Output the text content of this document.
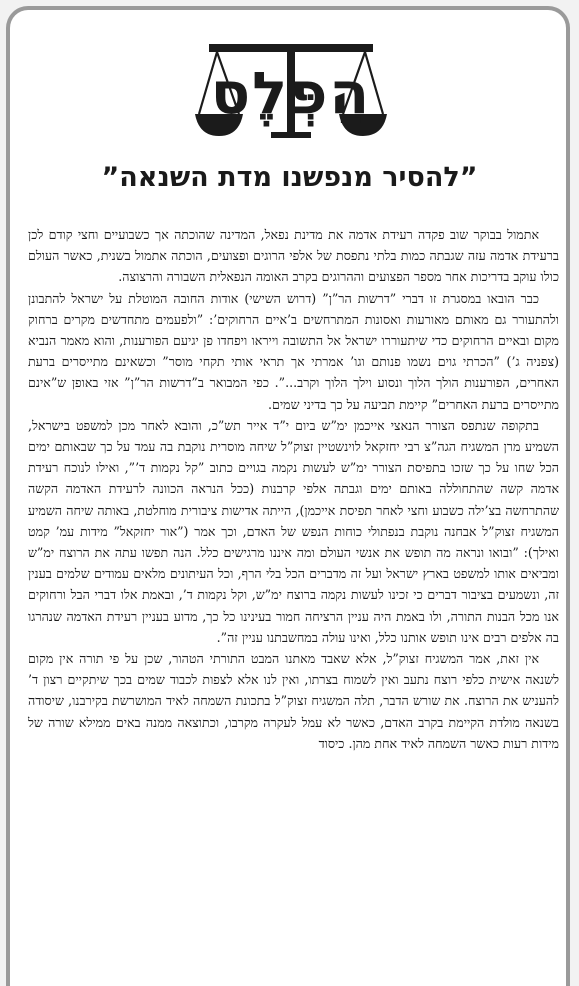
הַפְּלֶס
”להסיר מנפשנו מדת השנאה”

אתמול בבוקר שוב פקדה רעידת אדמה את מדינת נפאל, המדינה שהוכתה אך כשבועיים וחצי קודם לכן ברעידת אדמה עזה שגבתה כמות בלתי נתפסת של אלפי הרוגים ופצועים, הוכתה אתמול בשנית, כאשר העולם כולו עוקב בדריכות אחר מספר הפצועים וההרוגים בקרב האומה הנפאלית השבורה והרצוצה.

כבר הובאו במסגרת זו דברי ”דרשות הר”ן” (דרוש השישי) אודות החובה המוטלת על ישראל להתבונן ולהתעורר גם מאותם מאורעות ואסונות המתרחשים ב’איים הרחוקים’: ”ולפעמים מתחדשים מקרים ברחוק מקום ובאיים הרחוקים כדי שיתעוררו ישראל אל התשובה וייראו ויפחדו פן יגיעם הפורענות, והוא מאמר הנביא (צפניה ג’) ”הכרתי גוים נשמו פנותם וגו’ אמרתי אך תראי אותי תקחי מוסר” וכשאינם מתייסרים ברעת האחרים, הפורענות הולך הלוך ונסוע וילך הלוך וקרב...”. כפי המבואר ב”דרשות הר”ן” אזי באופן ש”אינם מתייסרים ברעת האחרים” קיימת תביעה על כך בדיני שמים.

בתקופה שנתפס הצורר הנאצי אייכמן ימ”ש ביום י”ד אייר תש”כ, והובא לאחר מכן למשפט בישראל, השמיע מרן המשגיח הגה”צ רבי יחזקאל לוינשטיין זצוק”ל שיחה מוסרית נוקבת בה עמד על כך שבאותם ימים הכל שחו על כך שזכו בתפיסת הצורר ימ”ש לעשות נקמה בגויים כתוב ”קל נקמות ד’”, ואילו לנוכח רעידת אדמה קשה שהתחוללה באותם ימים וגבתה אלפי קרבנות (ככל הנראה הכוונה לרעידת האדמה הקשה שהתרחשה בצ’ילה כשבוע וחצי לאחר תפיסת אייכמן), הייתה אדישות ציבורית מוחלטת, באותה שיחה השמיע המשגיח זצוק”ל אבחנה נוקבת בנפתולי כוחות הנפש של האדם, וכך אמר (”אור יחזקאל” מידות עמ’ קמט ואילך): ”ובואו ונראה מה תופש את אנשי העולם ומה איננו מרגישים כלל. הנה תפשו עתה את הרוצח ימ”ש ומביאים אותו למשפט בארץ ישראל ועל זה מדברים הכל בלי הרף, וכל העיתונים מלאים עמודים שלמים בענין זה, ונשמעים בציבור דברים כי זכינו לעשות נקמה ברוצח ימ”ש, וקל נקמות ד’, ובאמת אלו דברי הבל ורחוקים אנו מכל הבנות התורה, ולו באמת היה עניין הרציחה חמור בעינינו כל כך, מדוע בעניין רעידת האדמה שנהרגו בה אלפים רבים אינו תופש אותנו כלל, ואינו עולה במחשבתנו עניין זה”.

אין זאת, אמר המשגיח זצוק”ל, אלא שאבד מאתנו המבט התורתי הטהור, שכן על פי תורה אין מקום לשנאה אישית כלפי רוצח נתעב ואין לשמוח בצרתו, ואין לנו אלא לצפות לכבוד שמים בכך שיתקיים רצון ד’ להעניש את הרוצח. את שורש הדבר, תלה המשגיח זצוק”ל בתכונת השמחה לאיד המושרשת בקירבנו, שיסודה בשנאה מולדת הקיימת בקרב האדם, כאשר לא עמל לעקרה מקרבו, וכתוצאה ממנה באים ממילא שורה של מידות רעות כאשר השמחה לאיד אחת מהן. כיסוד
